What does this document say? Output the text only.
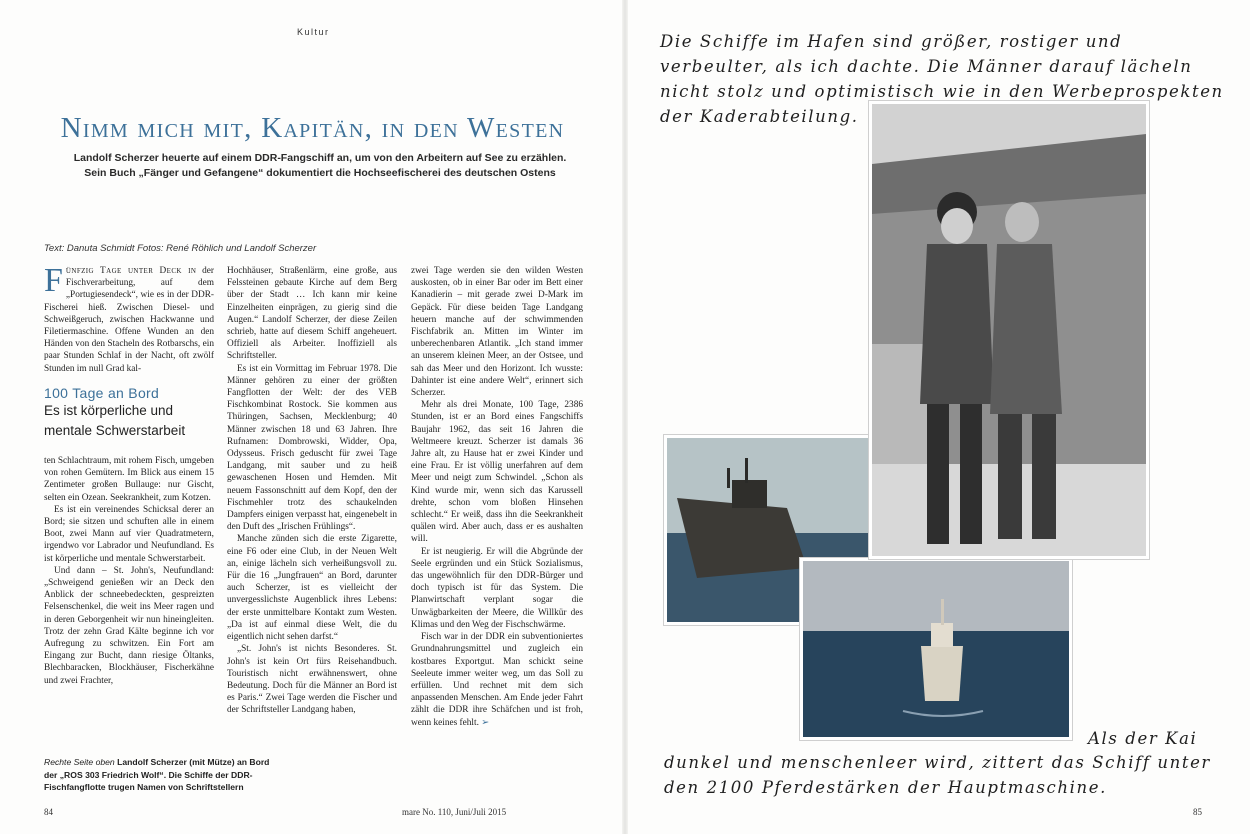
Kultur
Nimm mich mit, Kapitän, in den Westen
Landolf Scherzer heuerte auf einem DDR-Fangschiff an, um von den Arbeitern auf See zu erzählen.
Sein Buch „Fänger und Gefangene“ dokumentiert die Hochseefischerei des deutschen Ostens
Text: Danuta Schmidt Fotos: René Röhlich und Landolf Scherzer

Fünfzig Tage unter Deck in der Fischverarbeitung, auf dem „Portugiesendeck“, wie es in der DDR-Fischerei hieß. Zwischen Diesel- und Schweißgeruch, zwischen Hackwanne und Filetiermaschine. Offene Wunden an den Händen von den Stacheln des Rotbarschs, ein paar Stunden Schlaf in der Nacht, oft zwölf Stunden im null Grad kal-

100 Tage an Bord
Es ist körperliche und mentale Schwerstarbeit

ten Schlachtraum, mit rohem Fisch, umgeben von rohen Gemütern. Im Blick aus einem 15 Zentimeter großen Bullauge: nur Gischt, selten ein Ozean. Seekrankheit, zum Kotzen.

Es ist ein vereinendes Schicksal derer an Bord; sie sitzen und schuften alle in einem Boot, zwei Mann auf vier Quadratmetern, irgendwo vor Labrador und Neufundland. Es ist körperliche und mentale Schwerstarbeit.

Und dann – St. John's, Neufundland: „Schweigend genießen wir an Deck den Anblick der schneebedeckten, gespreizten Felsenschenkel, die weit ins Meer ragen und in deren Geborgenheit wir nun hineingleiten. Trotz der zehn Grad Kälte beginne ich vor Aufregung zu schwitzen. Ein Fort am Eingang zur Bucht, dann riesige Öltanks, Blechbaracken, Blockhäuser, Fischerkähne und zwei Frachter,

Hochhäuser, Straßenlärm, eine große, aus Felssteinen gebaute Kirche auf dem Berg über der Stadt … Ich kann mir keine Einzelheiten einprägen, zu gierig sind die Augen.“ Landolf Scherzer, der diese Zeilen schrieb, hatte auf diesem Schiff angeheuert. Offiziell als Arbeiter. Inoffiziell als Schriftsteller.

Es ist ein Vormittag im Februar 1978. Die Männer gehören zu einer der größten Fangflotten der Welt: der des VEB Fischkombinat Rostock. Sie kommen aus Thüringen, Sachsen, Mecklenburg; 40 Männer zwischen 18 und 63 Jahren. Ihre Rufnamen: Dombrowski, Widder, Opa, Odysseus. Frisch geduscht für zwei Tage Landgang, mit sauber und zu heiß gewaschenen Hosen und Hemden. Mit neuem Fassonschnitt auf dem Kopf, den der Fischmehler trotz des schaukelnden Dampfers einigen verpasst hat, eingenebelt in den Duft des „Irischen Frühlings“.

Manche zünden sich die erste Zigarette, eine F6 oder eine Club, in der Neuen Welt an, einige lächeln sich verheißungsvoll zu. Für die 16 „Jungfrauen“ an Bord, darunter auch Scherzer, ist es vielleicht der unvergesslichste Augenblick ihres Lebens: der erste unmittelbare Kontakt zum Westen. „Da ist auf einmal diese Welt, die du eigentlich nicht sehen darfst.“

„St. John's ist nichts Besonderes. St. John's ist kein Ort fürs Reisehandbuch. Touristisch nicht erwähnenswert, ohne Bedeutung. Doch für die Männer an Bord ist es Paris.“ Zwei Tage werden die Fischer und der Schriftsteller Landgang haben,

zwei Tage werden sie den wilden Westen auskosten, ob in einer Bar oder im Bett einer Kanadierin – mit gerade zwei D-Mark im Gepäck. Für diese beiden Tage Landgang heuern manche auf der schwimmenden Fischfabrik an. Mitten im Winter im unberechenbaren Atlantik. „Ich stand immer an unserem kleinen Meer, an der Ostsee, und sah das Meer und den Horizont. Ich wusste: Dahinter ist eine andere Welt“, erinnert sich Scherzer.

Mehr als drei Monate, 100 Tage, 2386 Stunden, ist er an Bord eines Fangschiffs Baujahr 1962, das seit 16 Jahren die Weltmeere kreuzt. Scherzer ist damals 36 Jahre alt, zu Hause hat er zwei Kinder und eine Frau. Er ist völlig unerfahren auf dem Meer und neigt zum Schwindel. „Schon als Kind wurde mir, wenn sich das Karussell drehte, schon vom bloßen Hinsehen schlecht.“ Er weiß, dass ihn die Seekrankheit quälen wird. Aber auch, dass er es aushalten will.

Er ist neugierig. Er will die Abgründe der Seele ergründen und ein Stück Sozialismus, das ungewöhnlich für den DDR-Bürger und doch typisch ist für das System. Die Planwirtschaft verplant sogar die Unwägbarkeiten der Meere, die Willkür des Klimas und den Weg der Fischschwärme.

Fisch war in der DDR ein subventioniertes Grundnahrungsmittel und zugleich ein kostbares Exportgut. Man schickt seine Seeleute immer weiter weg, um das Soll zu erfüllen. Und rechnet mit dem sich anpassenden Menschen. Am Ende jeder Fahrt zählt die DDR ihre Schäfchen und ist froh, wenn keines fehlt. ➢

Rechte Seite oben Landolf Scherzer (mit Mütze) an Bord der „ROS 303 Friedrich Wolf“. Die Schiffe der DDR-Fischfangflotte trugen Namen von Schriftstellern
84	mare No. 110, Juni/Juli 2015	85
Die Schiffe im Hafen sind größer, rostiger und verbeulter, als ich dachte. Die Männer darauf lächeln nicht stolz und optimistisch wie in den Werbeprospekten der Kaderabteilung.
Als der Kai
dunkel und menschenleer wird, zittert das Schiff unter den 2100 Pferdestärken der Hauptmaschine.
